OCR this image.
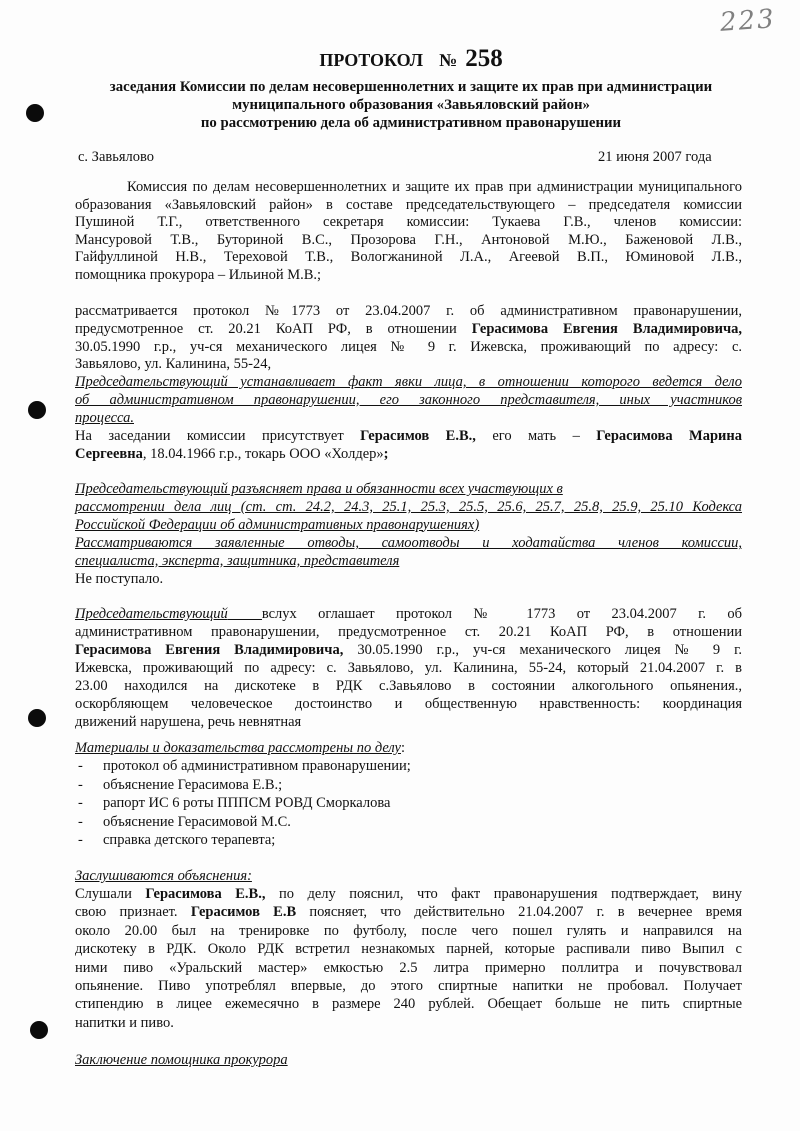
223
ПРОТОКОЛ № 258
заседания Комиссии по делам несовершеннолетних и защите их прав при администрации
муниципального образования «Завьяловский район»
по рассмотрению дела об административном правонарушении
с. Завьялово	21 июня 2007 года
Комиссия по делам несовершеннолетних и защите их прав при администрации муниципального
образования «Завьяловский район» в составе председательствующего – председателя комиссии
Пушиной Т.Г., ответственного секретаря комиссии: Тукаева Г.В., членов комиссии:
Мансуровой Т.В., Буториной В.С., Прозорова Г.Н., Антоновой М.Ю., Баженовой Л.В.,
Гайфуллиной Н.В., Тереховой Т.В., Вологжаниной Л.А., Агеевой В.П., Юминовой Л.В.,
помощника прокурора – Ильиной М.В.;
рассматривается протокол №1773 от 23.04.2007 г. об административном правонарушении,
предусмотренное ст. 20.21 КоАП РФ, в отношении Герасимова Евгения Владимировича,
30.05.1990 г.р., уч-ся механического лицея № 9 г. Ижевска, проживающий по адресу: с.
Завьялово, ул. Калинина, 55-24,
Председательствующий устанавливает факт явки лица, в отношении которого ведется дело
об административном правонарушении, его законного представителя, иных участников
процесса.
На заседании комиссии присутствует Герасимов Е.В., его мать – Герасимова Марина
Сергеевна, 18.04.1966 г.р., токарь ООО «Холдер»;
Председательствующий разъясняет права и обязанности всех участвующих в
рассмотрении дела лиц (ст. ст. 24.2, 24.3, 25.1, 25.3, 25.5, 25.6, 25.7, 25.8, 25.9, 25.10 Кодекса
Российской Федерации об административных правонарушениях)
Рассматриваются заявленные отводы, самоотводы и ходатайства членов комиссии,
специалиста, эксперта, защитника, представителя
Не поступало.
Председательствующий вслух оглашает протокол № 1773 от 23.04.2007 г. об
административном правонарушении, предусмотренное ст. 20.21 КоАП РФ, в отношении
Герасимова Евгения Владимировича, 30.05.1990 г.р., уч-ся механического лицея № 9 г.
Ижевска, проживающий по адресу: с. Завьялово, ул. Калинина, 55-24, который 21.04.2007 г. в
23.00 находился на дискотеке в РДК с.Завьялово в состоянии алкогольного опьянения.,
оскорбляющем человеческое достоинство и общественную нравственность: координация
движений нарушена, речь невнятная
Материалы и доказательства рассмотрены по делу:
- протокол об административном правонарушении;
- объяснение Герасимова Е.В.;
- рапорт ИС 6 роты ПППСМ РОВД Сморкалова
- объяснение Герасимовой М.С.
- справка детского терапевта;
Заслушиваются объяснения:
Слушали Герасимова Е.В., по делу пояснил, что факт правонарушения подтверждает, вину
свою признает. Герасимов Е.В поясняет, что действительно 21.04.2007 г. в вечернее время
около 20.00 был на тренировке по футболу, после чего пошел гулять и направился на
дискотеку в РДК. Около РДК встретил незнакомых парней, которые распивали пиво Выпил с
ними пиво «Уральский мастер» емкостью 2.5 литра примерно поллитра и почувствовал
опьянение. Пиво употреблял впервые, до этого спиртные напитки не пробовал. Получает
стипендию в лицее ежемесячно в размере 240 рублей. Обещает больше не пить спиртные
напитки и пиво.
Заключение помощника прокурора
